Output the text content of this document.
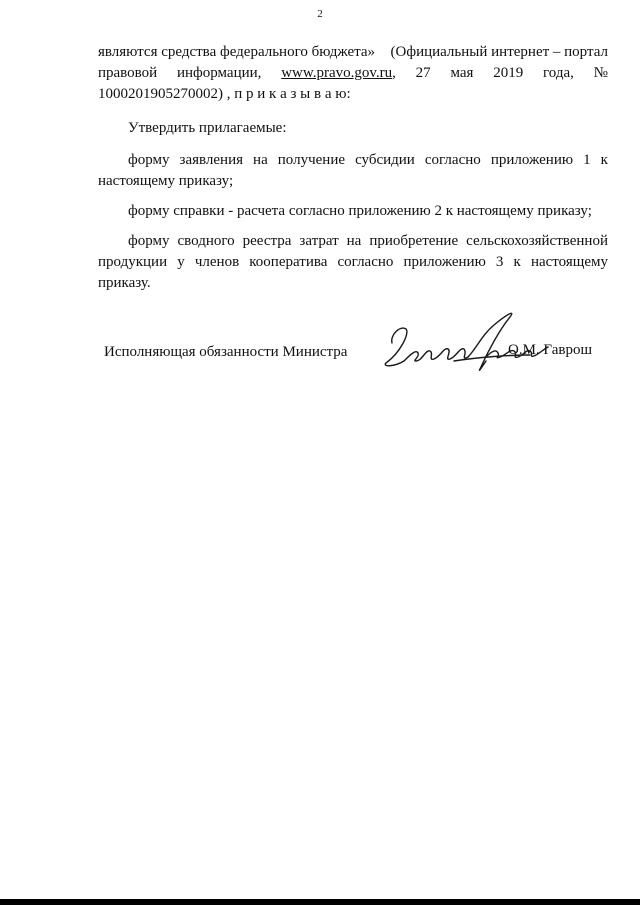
2
являются средства федерального бюджета» (Официальный интернет – портал
правовой информации, www.pravo.gov.ru, 27 мая 2019 года, №
1000201905270002) , п р и к а з ы в а ю:
Утвердить прилагаемые:
форму заявления на получение субсидии согласно приложению 1 к
настоящему приказу;
форму справки - расчета согласно приложению 2 к настоящему приказу;
форму сводного реестра затрат на приобретение сельскохозяйственной
продукции у членов кооператива согласно приложению 3 к настоящему
приказу.
Исполняющая обязанности Министра	О.М. Гаврош
